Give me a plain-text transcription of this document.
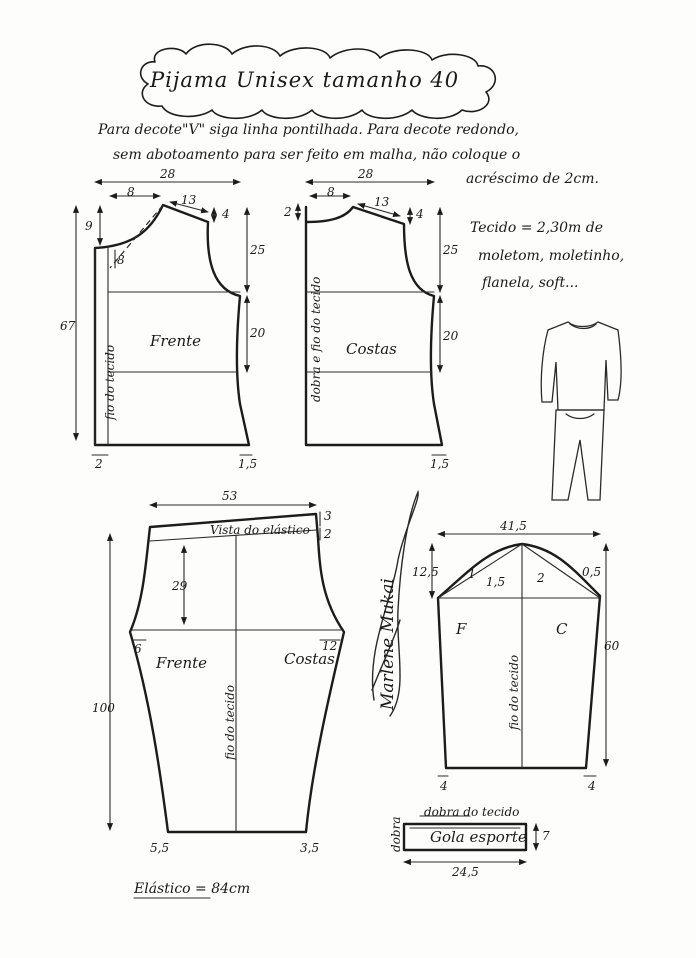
Pijama Unisex tamanho 40
Para decote"V" siga linha pontilhada. Para decote redondo,
sem abotoamento para ser feito em malha, não coloque o
acréscimo de 2cm.
Tecido = 2,30m de
moletom, moletinho,
flanela, soft...
28
8
13
4
9
8
25
20
67
2	1,5
Frente
fio do tecido
28
8
13
4
2
25
20
1,5
Costas
dobra e fio do tecido
53
Vista do elástico
3
2
29
6	12
100
5,5	3,5
Frente	Costas
fio do tecido
41,5
12,5 1
1,5	2	0,5
60
4	4
F	C
fio do tecido
dobra do tecido
dobra Gola esporte
24,5
7
Elástico = 84cm
Marlene Mukai
